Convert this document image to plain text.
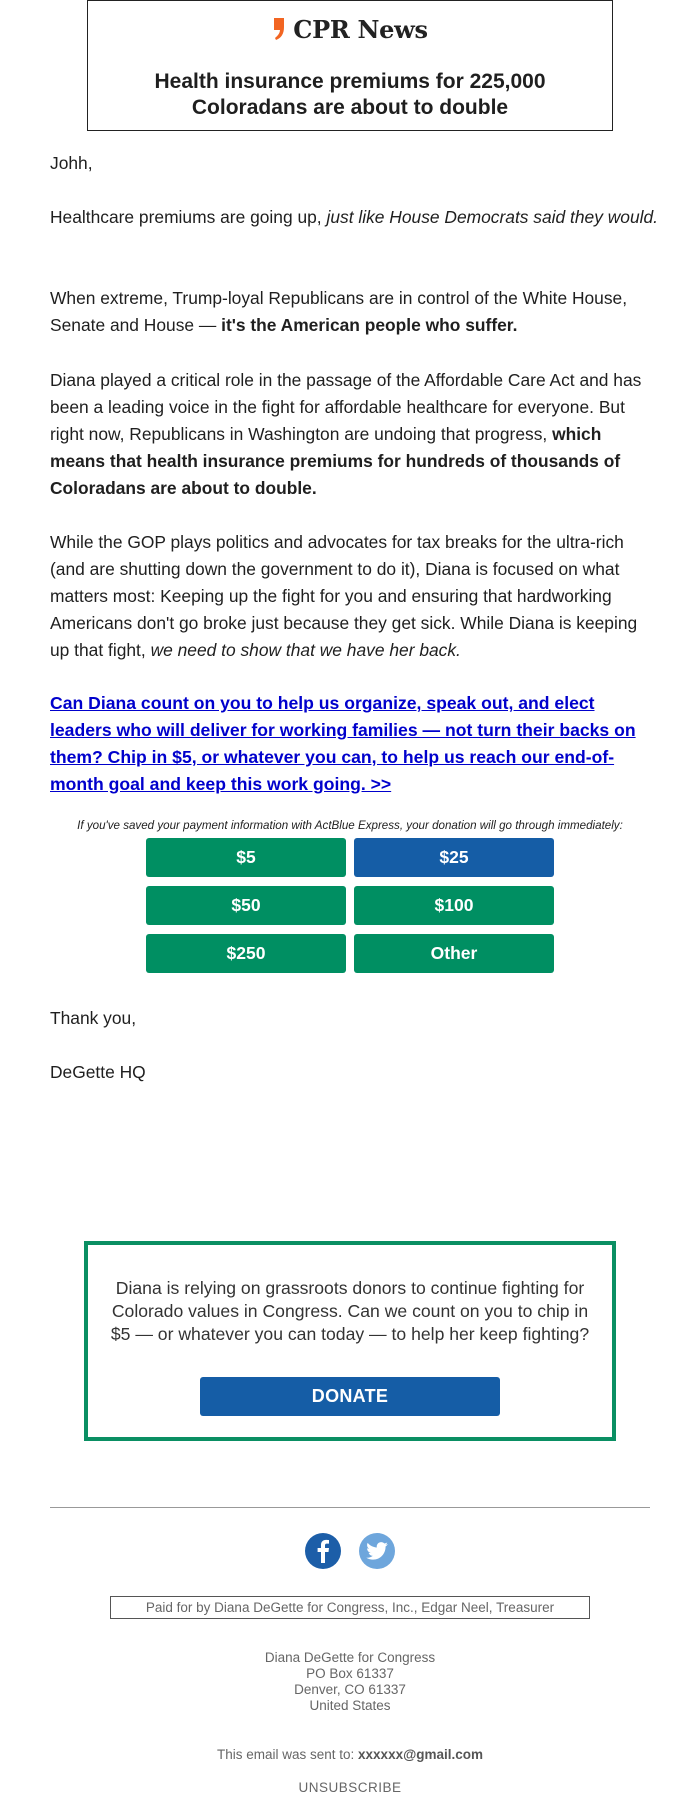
CPR News
Health insurance premiums for 225,000
Coloradans are about to double

Johh,

Healthcare premiums are going up, just like House Democrats said they would.

When extreme, Trump-loyal Republicans are in control of the White House, Senate and House — it's the American people who suffer.

Diana played a critical role in the passage of the Affordable Care Act and has been a leading voice in the fight for affordable healthcare for everyone. But right now, Republicans in Washington are undoing that progress, which means that health insurance premiums for hundreds of thousands of Coloradans are about to double.

While the GOP plays politics and advocates for tax breaks for the ultra-rich (and are shutting down the government to do it), Diana is focused on what matters most: Keeping up the fight for you and ensuring that hardworking Americans don't go broke just because they get sick. While Diana is keeping up that fight, we need to show that we have her back.

Can Diana count on you to help us organize, speak out, and elect leaders who will deliver for working families — not turn their backs on them? Chip in $5, or whatever you can, to help us reach our end-of-month goal and keep this work going. >>
If you've saved your payment information with ActBlue Express, your donation will go through immediately:
$5	$25
$50	$100
$250	Other
Thank you,
DeGette HQ
Diana is relying on grassroots donors to continue fighting for Colorado values in Congress. Can we count on you to chip in $5 — or whatever you can today — to help her keep fighting?
DONATE
Paid for by Diana DeGette for Congress, Inc., Edgar Neel, Treasurer
Diana DeGette for Congress
PO Box 61337
Denver, CO 61337
United States
This email was sent to: xxxxxx@gmail.com
UNSUBSCRIBE
